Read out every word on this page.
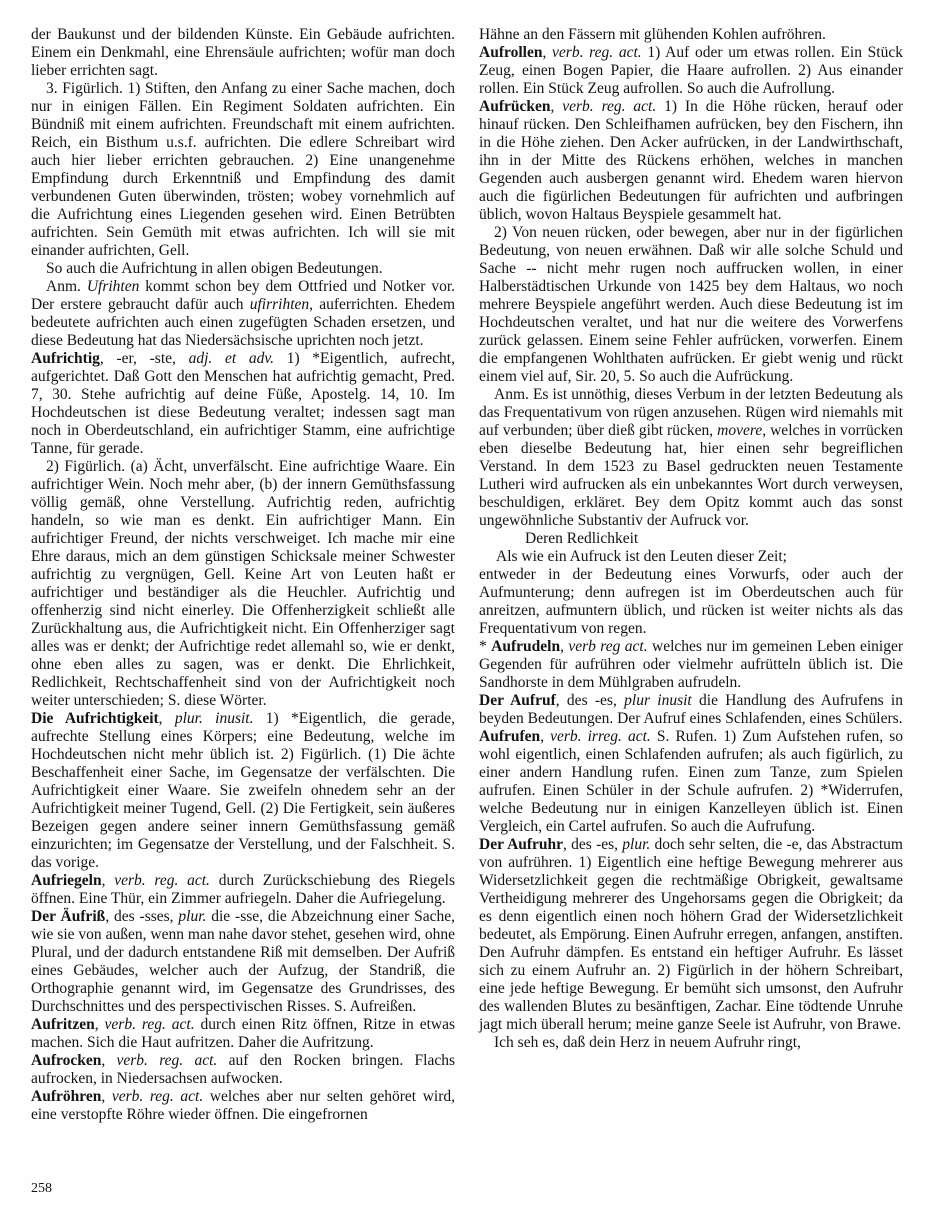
der Baukunst und der bildenden Künste. Ein Gebäude aufrichten. Einem ein Denkmahl, eine Ehrensäule aufrichten; wofür man doch lieber errichten sagt.

3. Figürlich. 1) Stiften, den Anfang zu einer Sache machen, doch nur in einigen Fällen. Ein Regiment Soldaten aufrichten. Ein Bündniß mit einem aufrichten. Freundschaft mit einem aufrichten. Reich, ein Bisthum u.s.f. aufrichten. Die edlere Schreibart wird auch hier lieber errichten gebrauchen. 2) Eine unangenehme Empfindung durch Erkenntniß und Empfindung des damit verbundenen Guten überwinden, trösten; wobey vornehmlich auf die Aufrichtung eines Liegenden gesehen wird. Einen Betrübten aufrichten. Sein Gemüth mit etwas aufrichten. Ich will sie mit einander aufrichten, Gell.

So auch die Aufrichtung in allen obigen Bedeutungen.

Anm. Ufrihten kommt schon bey dem Ottfried und Notker vor. Der erstere gebraucht dafür auch ufirrihten, auferrichten. Ehedem bedeutete aufrichten auch einen zugefügten Schaden ersetzen, und diese Bedeutung hat das Niedersächsische uprichten noch jetzt.

Aufrichtig, -er, -ste, adj. et adv. 1) *Eigentlich, aufrecht, aufgerichtet. Daß Gott den Menschen hat aufrichtig gemacht, Pred. 7, 30. Stehe aufrichtig auf deine Füße, Apostelg. 14, 10. Im Hochdeutschen ist diese Bedeutung veraltet; indessen sagt man noch in Oberdeutschland, ein aufrichtiger Stamm, eine aufrichtige Tanne, für gerade.

2) Figürlich. (a) Ächt, unverfälscht. Eine aufrichtige Waare. Ein aufrichtiger Wein. Noch mehr aber, (b) der innern Gemüthsfassung völlig gemäß, ohne Verstellung. Aufrichtig reden, aufrichtig handeln, so wie man es denkt. Ein aufrichtiger Mann. Ein aufrichtiger Freund, der nichts verschweiget. Ich mache mir eine Ehre daraus, mich an dem günstigen Schicksale meiner Schwester aufrichtig zu vergnügen, Gell. Keine Art von Leuten haßt er aufrichtiger und beständiger als die Heuchler. Aufrichtig und offenherzig sind nicht einerley. Die Offenherzigkeit schließt alle Zurückhaltung aus, die Aufrichtigkeit nicht. Ein Offenherziger sagt alles was er denkt; der Aufrichtige redet allemahl so, wie er denkt, ohne eben alles zu sagen, was er denkt. Die Ehrlichkeit, Redlichkeit, Rechtschaffenheit sind von der Aufrichtigkeit noch weiter unterschieden; S. diese Wörter.

Die Aufrichtigkeit, plur. inusit. 1) *Eigentlich, die gerade, aufrechte Stellung eines Körpers; eine Bedeutung, welche im Hochdeutschen nicht mehr üblich ist. 2) Figürlich. (1) Die ächte Beschaffenheit einer Sache, im Gegensatze der verfälschten. Die Aufrichtigkeit einer Waare. Sie zweifeln ohnedem sehr an der Aufrichtigkeit meiner Tugend, Gell. (2) Die Fertigkeit, sein äußeres Bezeigen gegen andere seiner innern Gemüthsfassung gemäß einzurichten; im Gegensatze der Verstellung, und der Falschheit. S. das vorige.

Aufriegeln, verb. reg. act. durch Zurückschiebung des Riegels öffnen. Eine Thür, ein Zimmer aufriegeln. Daher die Aufriegelung.

Der Äufriß, des -sses, plur. die -sse, die Abzeichnung einer Sache, wie sie von außen, wenn man nahe davor stehet, gesehen wird, ohne Plural, und der dadurch entstandene Riß mit demselben. Der Aufriß eines Gebäudes, welcher auch der Aufzug, der Standriß, die Orthographie genannt wird, im Gegensatze des Grundrisses, des Durchschnittes und des perspectivischen Risses. S. Aufreißen.

Aufritzen, verb. reg. act. durch einen Ritz öffnen, Ritze in etwas machen. Sich die Haut aufritzen. Daher die Aufritzung.

Aufrocken, verb. reg. act. auf den Rocken bringen. Flachs aufrocken, in Niedersachsen aufwocken.

Aufröhren, verb. reg. act. welches aber nur selten gehöret wird, eine verstopfte Röhre wieder öffnen. Die eingefrornen

Hähne an den Fässern mit glühenden Kohlen aufröhren.

Aufrollen, verb. reg. act. 1) Auf oder um etwas rollen. Ein Stück Zeug, einen Bogen Papier, die Haare aufrollen. 2) Aus einander rollen. Ein Stück Zeug aufrollen. So auch die Aufrollung.

Aufrücken, verb. reg. act. 1) In die Höhe rücken, herauf oder hinauf rücken. Den Schleifhamen aufrücken, bey den Fischern, ihn in die Höhe ziehen. Den Acker aufrücken, in der Landwirthschaft, ihn in der Mitte des Rückens erhöhen, welches in manchen Gegenden auch ausbergen genannt wird. Ehedem waren hiervon auch die figürlichen Bedeutungen für aufrichten und aufbringen üblich, wovon Haltaus Beyspiele gesammelt hat.

2) Von neuen rücken, oder bewegen, aber nur in der figürlichen Bedeutung, von neuen erwähnen. Daß wir alle solche Schuld und Sache -- nicht mehr rugen noch auffrucken wollen, in einer Halberstädtischen Urkunde von 1425 bey dem Haltaus, wo noch mehrere Beyspiele angeführt werden. Auch diese Bedeutung ist im Hochdeutschen veraltet, und hat nur die weitere des Vorwerfens zurück gelassen. Einem seine Fehler aufrücken, vorwerfen. Einem die empfangenen Wohlthaten aufrücken. Er giebt wenig und rückt einem viel auf, Sir. 20, 5. So auch die Aufrückung.

Anm. Es ist unnöthig, dieses Verbum in der letzten Bedeutung als das Frequentativum von rügen anzusehen. Rügen wird niemahls mit auf verbunden; über dieß gibt rücken, movere, welches in vorrücken eben dieselbe Bedeutung hat, hier einen sehr begreiflichen Verstand. In dem 1523 zu Basel gedruckten neuen Testamente Lutheri wird aufrucken als ein unbekanntes Wort durch verweysen, beschuldigen, erkläret. Bey dem Opitz kommt auch das sonst ungewöhnliche Substantiv der Aufruck vor.

Deren Redlichkeit

Als wie ein Aufruck ist den Leuten dieser Zeit;

entweder in der Bedeutung eines Vorwurfs, oder auch der Aufmunterung; denn aufregen ist im Oberdeutschen auch für anreitzen, aufmuntern üblich, und rücken ist weiter nichts als das Frequentativum von regen.

* Aufrudeln, verb reg act. welches nur im gemeinen Leben einiger Gegenden für aufrühren oder vielmehr aufrütteln üblich ist. Die Sandhorste in dem Mühlgraben aufrudeln.

Der Aufruf, des -es, plur inusit die Handlung des Aufrufens in beyden Bedeutungen. Der Aufruf eines Schlafenden, eines Schülers.

Aufrufen, verb. irreg. act. S. Rufen. 1) Zum Aufstehen rufen, so wohl eigentlich, einen Schlafenden aufrufen; als auch figürlich, zu einer andern Handlung rufen. Einen zum Tanze, zum Spielen aufrufen. Einen Schüler in der Schule aufrufen. 2) *Widerrufen, welche Bedeutung nur in einigen Kanzelleyen üblich ist. Einen Vergleich, ein Cartel aufrufen. So auch die Aufrufung.

Der Aufruhr, des -es, plur. doch sehr selten, die -e, das Abstractum von aufrühren. 1) Eigentlich eine heftige Bewegung mehrerer aus Widersetzlichkeit gegen die rechtmäßige Obrigkeit, gewaltsame Vertheidigung mehrerer des Ungehorsams gegen die Obrigkeit; da es denn eigentlich einen noch höhern Grad der Widersetzlichkeit bedeutet, als Empörung. Einen Aufruhr erregen, anfangen, anstiften. Den Aufruhr dämpfen. Es entstand ein heftiger Aufruhr. Es lässet sich zu einem Aufruhr an. 2) Figürlich in der höhern Schreibart, eine jede heftige Bewegung. Er bemüht sich umsonst, den Aufruhr des wallenden Blutes zu besänftigen, Zachar. Eine tödtende Unruhe jagt mich überall herum; meine ganze Seele ist Aufruhr, von Brawe.

Ich seh es, daß dein Herz in neuem Aufruhr ringt,

258
